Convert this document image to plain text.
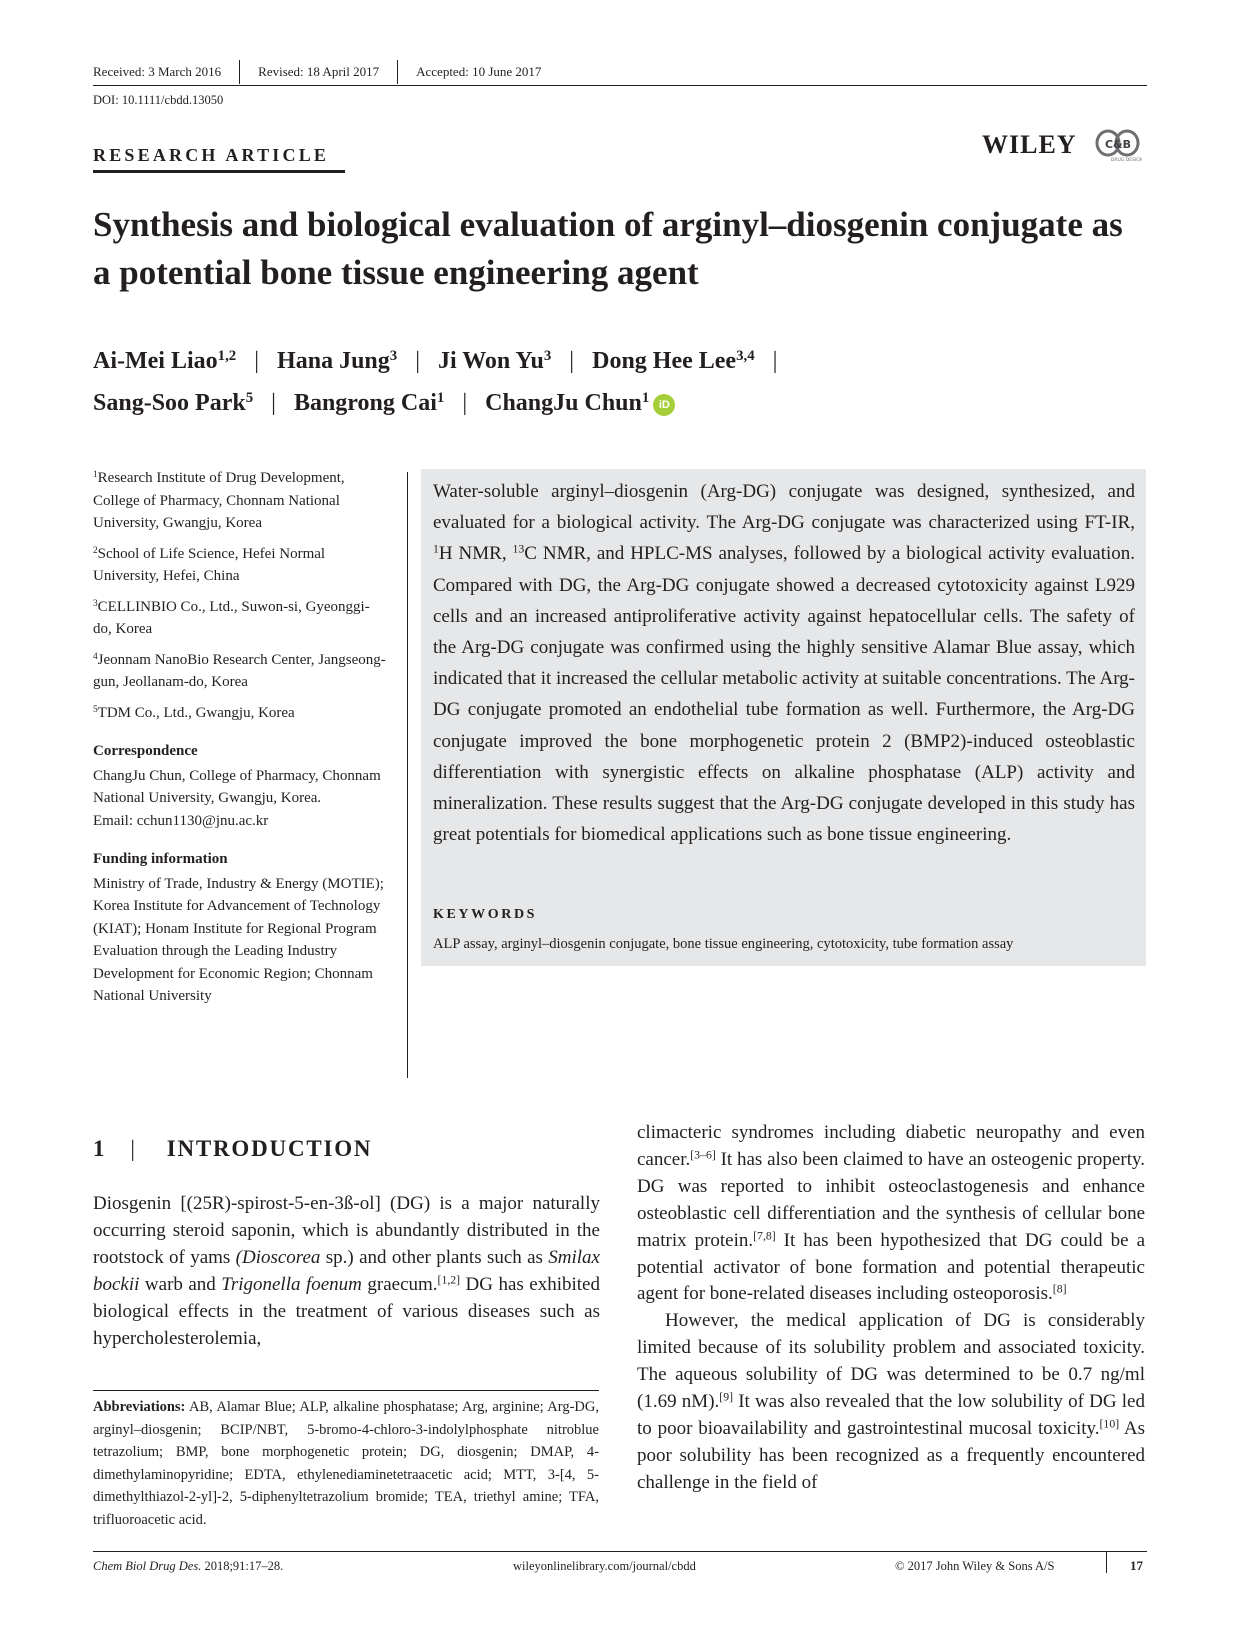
Received: 3 March 2016	Revised: 18 April 2017	Accepted: 10 June 2017
DOI: 10.1111/cbdd.13050
RESEARCH ARTICLE	WILEY	C&B
DRUG DESIGN
Synthesis and biological evaluation of arginyl–diosgenin conjugate as a potential bone tissue engineering agent
Ai-Mei Liao$^{1,2}$ | Hana Jung$^3$ | Ji Won Yu$^3$ | Dong Hee Lee$^{3,4}$ |
Sang-Soo Park$^5$ | Bangrong Cai$^1$ | ChangJu Chun$^1$ iD

$^1$Research Institute of Drug Development, College of Pharmacy, Chonnam National University, Gwangju, Korea

$^2$School of Life Science, Hefei Normal University, Hefei, China

$^3$CELLINBIO Co., Ltd., Suwon-si, Gyeonggi-do, Korea

$^4$Jeonnam NanoBio Research Center, Jangseong-gun, Jeollanam-do, Korea

$^5$TDM Co., Ltd., Gwangju, Korea

Correspondence
ChangJu Chun, College of Pharmacy, Chonnam National University, Gwangju, Korea.
Email: cchun1130@jnu.ac.kr
Funding information
Ministry of Trade, Industry & Energy (MOTIE); Korea Institute for Advancement of Technology (KIAT); Honam Institute for Regional Program Evaluation through the Leading Industry Development for Economic Region; Chonnam National University
Water-soluble arginyl–diosgenin (Arg-DG) conjugate was designed, synthesized, and evaluated for a biological activity. The Arg-DG conjugate was characterized using FT-IR, $^1$H NMR, $^{13}$C NMR, and HPLC-MS analyses, followed by a biological activity evaluation. Compared with DG, the Arg-DG conjugate showed a decreased cytotoxicity against L929 cells and an increased antiproliferative activity against hepatocellular cells. The safety of the Arg-DG conjugate was confirmed using the highly sensitive Alamar Blue assay, which indicated that it increased the cellular metabolic activity at suitable concentrations. The Arg-DG conjugate promoted an endothelial tube formation as well. Furthermore, the Arg-DG conjugate improved the bone morphogenetic protein 2 (BMP2)-induced osteoblastic differentiation with synergistic effects on alkaline phosphatase (ALP) activity and mineralization. These results suggest that the Arg-DG conjugate developed in this study has great potentials for biomedical applications such as bone tissue engineering.
KEYWORDS
ALP assay, arginyl–diosgenin conjugate, bone tissue engineering, cytotoxicity, tube formation assay
1 | INTRODUCTION

Diosgenin [(25R)-spirost-5-en-3ß-ol] (DG) is a major naturally occurring steroid saponin, which is abundantly distributed in the rootstock of yams (Dioscorea sp.) and other plants such as Smilax bockii warb and Trigonella foenum graecum.[1,2] DG has exhibited biological effects in the treatment of various diseases such as hypercholesterolemia,

climacteric syndromes including diabetic neuropathy and even cancer.[3–6] It has also been claimed to have an osteogenic property. DG was reported to inhibit osteoclastogenesis and enhance osteoblastic cell differentiation and the synthesis of cellular bone matrix protein.[7,8] It has been hypothesized that DG could be a potential activator of bone formation and potential therapeutic agent for bone-related diseases including osteoporosis.[8]

However, the medical application of DG is considerably limited because of its solubility problem and associated toxicity. The aqueous solubility of DG was determined to be 0.7 ng/ml (1.69 nM).[9] It was also revealed that the low solubility of DG led to poor bioavailability and gastrointestinal mucosal toxicity.[10] As poor solubility has been recognized as a frequently encountered challenge in the field of

Abbreviations: AB, Alamar Blue; ALP, alkaline phosphatase; Arg, arginine; Arg-DG, arginyl–diosgenin; BCIP/NBT, 5-bromo-4-chloro-3-indolylphosphate nitroblue tetrazolium; BMP, bone morphogenetic protein; DG, diosgenin; DMAP, 4-dimethylaminopyridine; EDTA, ethylenediaminetetraacetic acid; MTT, 3-[4, 5-dimethylthiazol-2-yl]-2, 5-diphenyltetrazolium bromide; TEA, triethyl amine; TFA, trifluoroacetic acid.
Chem Biol Drug Des. 2018;91:17–28.	wileyonlinelibrary.com/journal/cbdd	© 2017 John Wiley & Sons A/S	17
